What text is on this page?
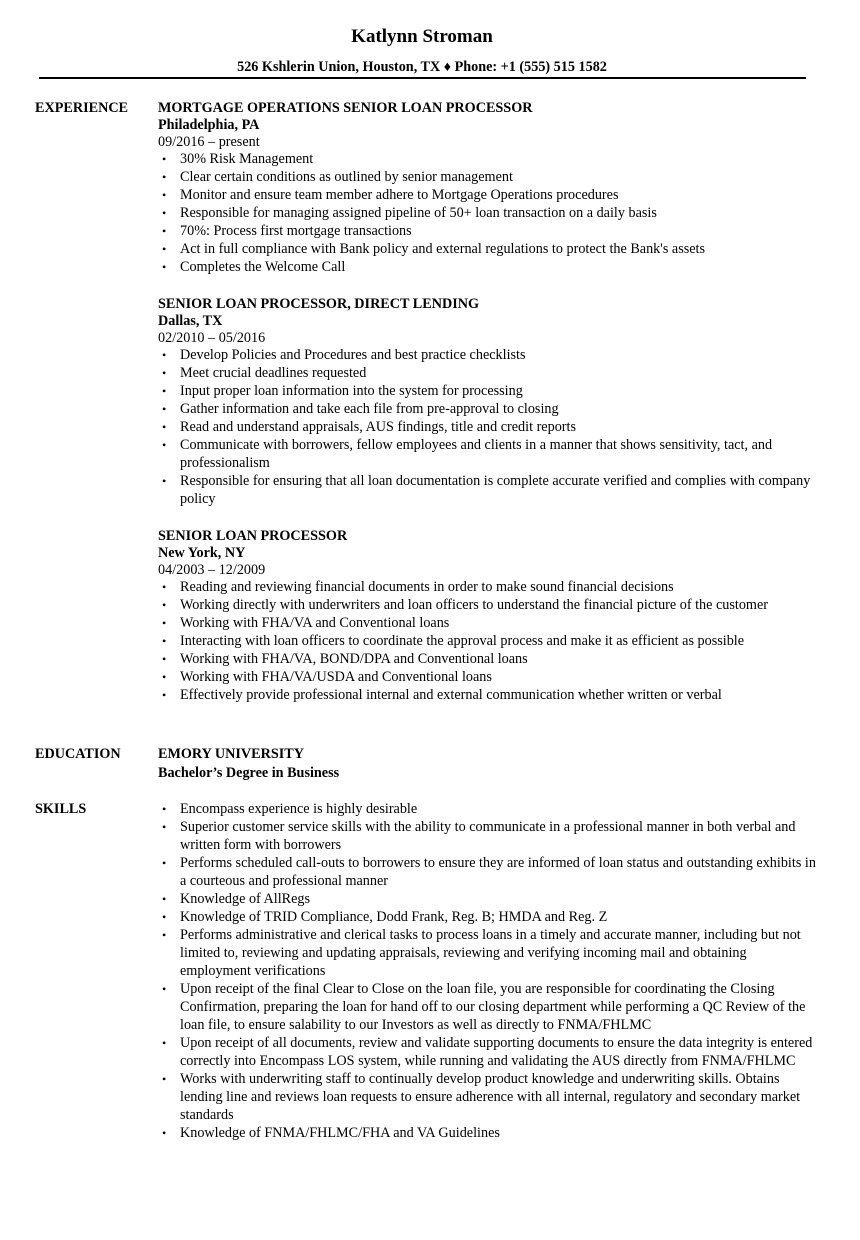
Katlynn Stroman
526 Kshlerin Union, Houston, TX ♦ Phone: +1 (555) 515 1582
EXPERIENCE MORTGAGE OPERATIONS SENIOR LOAN PROCESSOR
Philadelphia, PA
09/2016 – present
• 30% Risk Management
• Clear certain conditions as outlined by senior management
• Monitor and ensure team member adhere to Mortgage Operations procedures
• Responsible for managing assigned pipeline of 50+ loan transaction on a daily basis
• 70%: Process first mortgage transactions
• Act in full compliance with Bank policy and external regulations to protect the Bank's assets
• Completes the Welcome Call
SENIOR LOAN PROCESSOR, DIRECT LENDING
Dallas, TX
02/2010 – 05/2016
• Develop Policies and Procedures and best practice checklists
• Meet crucial deadlines requested
• Input proper loan information into the system for processing
• Gather information and take each file from pre-approval to closing
• Read and understand appraisals, AUS findings, title and credit reports
• Communicate with borrowers, fellow employees and clients in a manner that shows sensitivity, tact, and professionalism
• Responsible for ensuring that all loan documentation is complete accurate verified and complies with company policy
SENIOR LOAN PROCESSOR
New York, NY
04/2003 – 12/2009
• Reading and reviewing financial documents in order to make sound financial decisions
• Working directly with underwriters and loan officers to understand the financial picture of the customer
• Working with FHA/VA and Conventional loans
• Interacting with loan officers to coordinate the approval process and make it as efficient as possible
• Working with FHA/VA, BOND/DPA and Conventional loans
• Working with FHA/VA/USDA and Conventional loans
• Effectively provide professional internal and external communication whether written or verbal
EDUCATION	EMORY UNIVERSITY
Bachelor’s Degree in Business
SKILLS	• Encompass experience is highly desirable
• Superior customer service skills with the ability to communicate in a professional manner in both verbal and written form with borrowers
• Performs scheduled call-outs to borrowers to ensure they are informed of loan status and outstanding exhibits in a courteous and professional manner
• Knowledge of AllRegs
• Knowledge of TRID Compliance, Dodd Frank, Reg. B; HMDA and Reg. Z
• Performs administrative and clerical tasks to process loans in a timely and accurate manner, including but not limited to, reviewing and updating appraisals, reviewing and verifying incoming mail and obtaining employment verifications
• Upon receipt of the final Clear to Close on the loan file, you are responsible for coordinating the Closing Confirmation, preparing the loan for hand off to our closing department while performing a QC Review of the loan file, to ensure salability to our Investors as well as directly to FNMA/FHLMC
• Upon receipt of all documents, review and validate supporting documents to ensure the data integrity is entered correctly into Encompass LOS system, while running and validating the AUS directly from FNMA/FHLMC
• Works with underwriting staff to continually develop product knowledge and underwriting skills. Obtains lending line and reviews loan requests to ensure adherence with all internal, regulatory and secondary market standards
• Knowledge of FNMA/FHLMC/FHA and VA Guidelines
